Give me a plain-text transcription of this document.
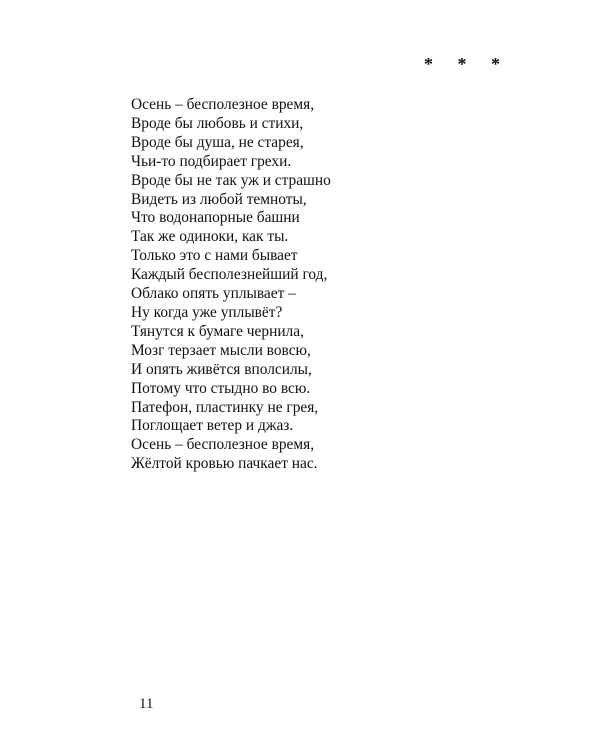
* * *
Осень – бесполезное время,
Вроде бы любовь и стихи,
Вроде бы душа, не старея,
Чьи-то подбирает грехи.
Вроде бы не так уж и страшно
Видеть из любой темноты,
Что водонапорные башни
Так же одиноки, как ты.
Только это с нами бывает
Каждый бесполезнейший год,
Облако опять уплывает –
Ну когда уже уплывёт?
Тянутся к бумаге чернила,
Мозг терзает мысли вовсю,
И опять живётся вполсилы,
Потому что стыдно во всю.
Патефон, пластинку не грея,
Поглощает ветер и джаз.
Осень – бесполезное время,
Жёлтой кровью пачкает нас.
11
